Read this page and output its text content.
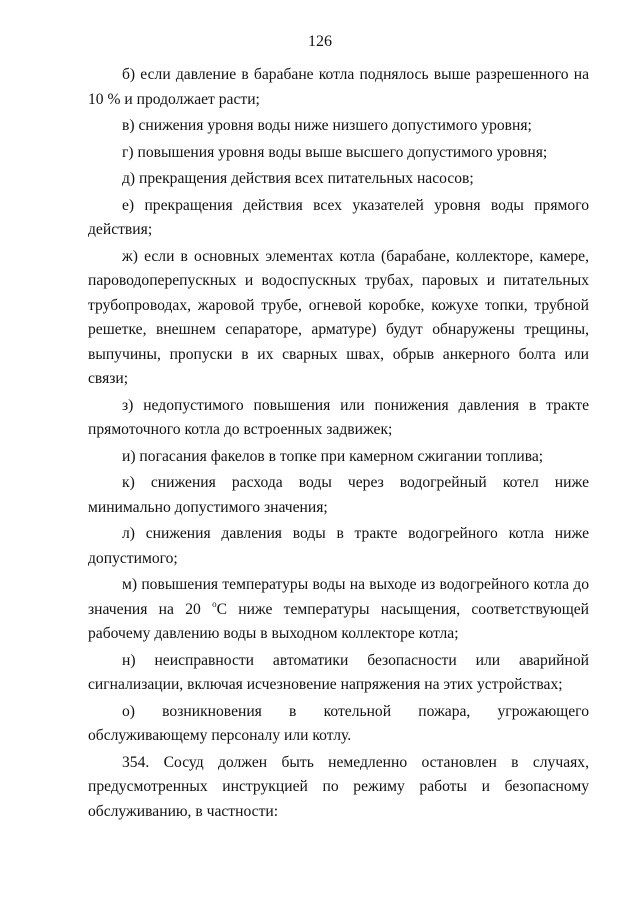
126

б) если давление в барабане котла поднялось выше разрешенного на 10 % и продолжает расти;

в) снижения уровня воды ниже низшего допустимого уровня;

г) повышения уровня воды выше высшего допустимого уровня;

д) прекращения действия всех питательных насосов;

е) прекращения действия всех указателей уровня воды прямого действия;

ж) если в основных элементах котла (барабане, коллекторе, камере, пароводоперепускных и водоспускных трубах, паровых и питательных трубопроводах, жаровой трубе, огневой коробке, кожухе топки, трубной решетке, внешнем сепараторе, арматуре) будут обнаружены трещины, выпучины, пропуски в их сварных швах, обрыв анкерного болта или связи;

з) недопустимого повышения или понижения давления в тракте прямоточного котла до встроенных задвижек;

и) погасания факелов в топке при камерном сжигании топлива;

к) снижения расхода воды через водогрейный котел ниже минимально допустимого значения;

л) снижения давления воды в тракте водогрейного котла ниже допустимого;

м) повышения температуры воды на выходе из водогрейного котла до значения на 20 $^о$С ниже температуры насыщения, соответствующей рабочему давлению воды в выходном коллекторе котла;

н) неисправности автоматики безопасности или аварийной сигнализации, включая исчезновение напряжения на этих устройствах;

о) возникновения в котельной пожара, угрожающего обслуживающему персоналу или котлу.

354. Сосуд должен быть немедленно остановлен в случаях, предусмотренных инструкцией по режиму работы и безопасному обслуживанию, в частности:
